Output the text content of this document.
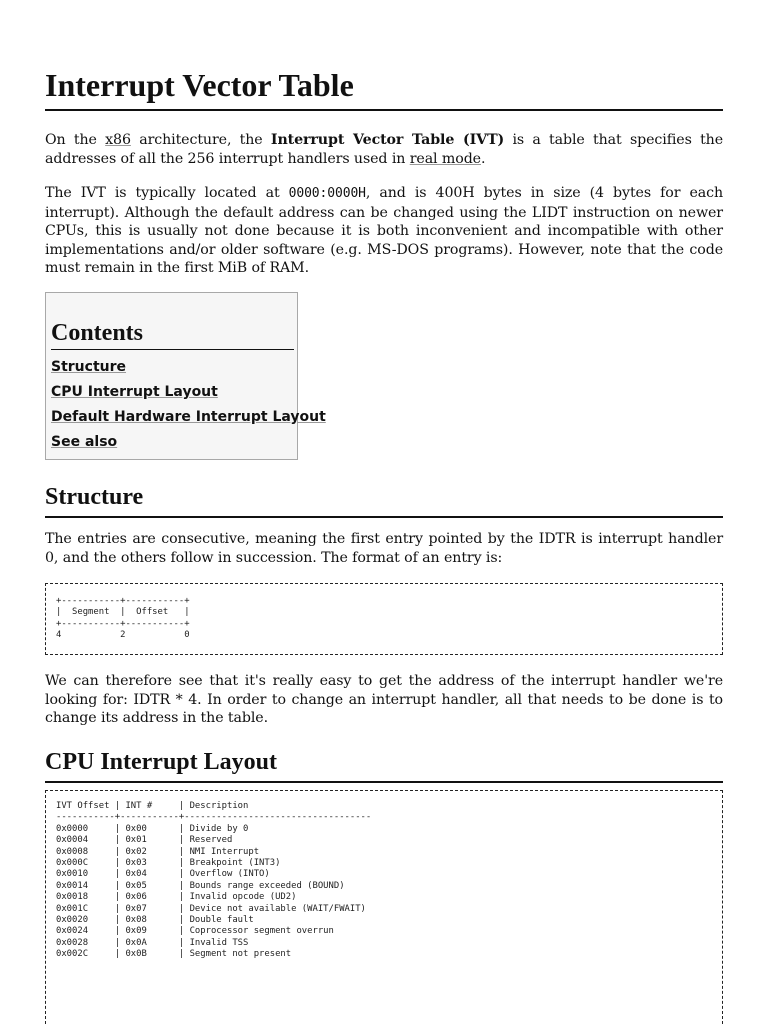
Interrupt Vector Table

On the x86 architecture, the Interrupt Vector Table (IVT) is a table that specifies the addresses of all the 256 interrupt handlers used in real mode.

The IVT is typically located at 0000:0000H, and is 400H bytes in size (4 bytes for each interrupt). Although the default address can be changed using the LIDT instruction on newer CPUs, this is usually not done because it is both inconvenient and incompatible with other implementations and/or older software (e.g. MS-DOS programs). However, note that the code must remain in the first MiB of RAM.

Contents
Structure
CPU Interrupt Layout
Default Hardware Interrupt Layout
See also
Structure

The entries are consecutive, meaning the first entry pointed by the IDTR is interrupt handler 0, and the others follow in succession. The format of an entry is:

+-----------+-----------+
|  Segment  |  Offset   |
+-----------+-----------+
4           2           0

We can therefore see that it's really easy to get the address of the interrupt handler we're looking for: IDTR * 4. In order to change an interrupt handler, all that needs to be done is to change its address in the table.

CPU Interrupt Layout
IVT Offset | INT #     | Description
-----------+-----------+-----------------------------------
0x0000     | 0x00      | Divide by 0
0x0004     | 0x01      | Reserved
0x0008     | 0x02      | NMI Interrupt
0x000C     | 0x03      | Breakpoint (INT3)
0x0010     | 0x04      | Overflow (INTO)
0x0014     | 0x05      | Bounds range exceeded (BOUND)
0x0018     | 0x06      | Invalid opcode (UD2)
0x001C     | 0x07      | Device not available (WAIT/FWAIT)
0x0020     | 0x08      | Double fault
0x0024     | 0x09      | Coprocessor segment overrun
0x0028     | 0x0A      | Invalid TSS
0x002C     | 0x0B      | Segment not present
